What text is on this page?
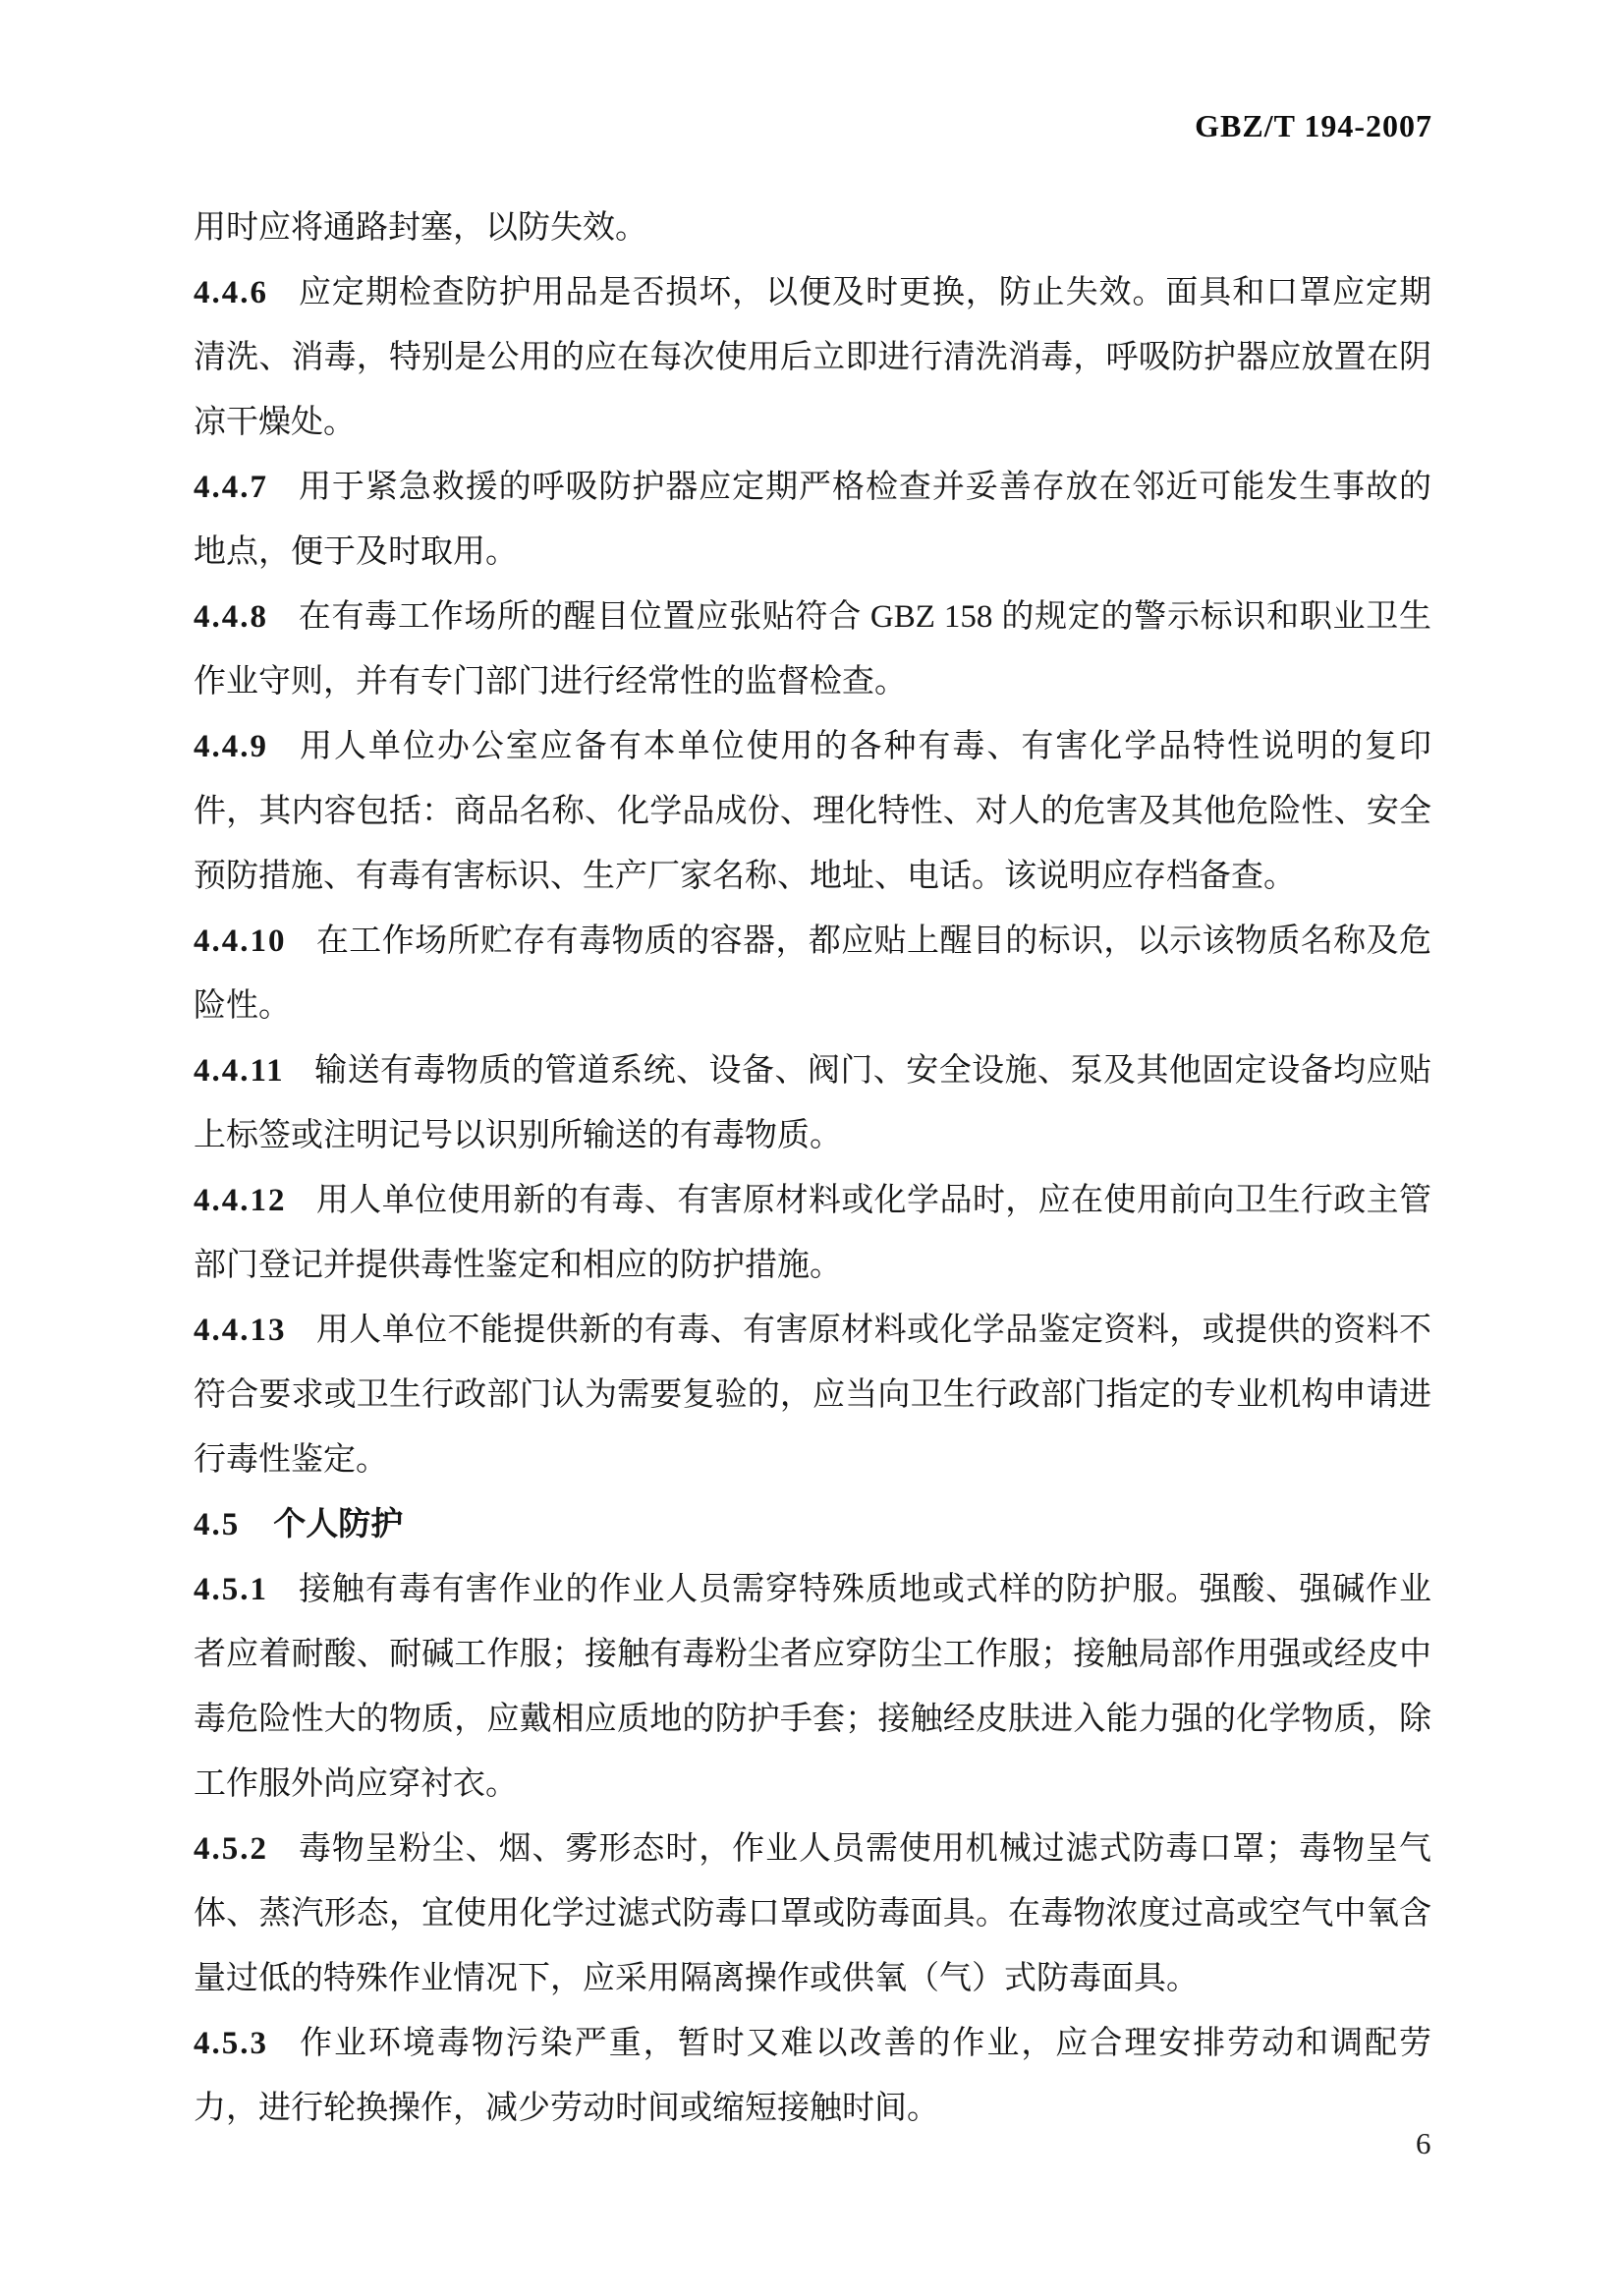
GBZ/T 194-2007

用时应将通路封塞，以防失效。

4.4.6 应定期检查防护用品是否损坏，以便及时更换，防止失效。面具和口罩应定期清洗、消毒，特别是公用的应在每次使用后立即进行清洗消毒，呼吸防护器应放置在阴凉干燥处。

4.4.7 用于紧急救援的呼吸防护器应定期严格检查并妥善存放在邻近可能发生事故的地点，便于及时取用。

4.4.8 在有毒工作场所的醒目位置应张贴符合 GBZ 158 的规定的警示标识和职业卫生作业守则，并有专门部门进行经常性的监督检查。

4.4.9 用人单位办公室应备有本单位使用的各种有毒、有害化学品特性说明的复印件，其内容包括：商品名称、化学品成份、理化特性、对人的危害及其他危险性、安全预防措施、有毒有害标识、生产厂家名称、地址、电话。该说明应存档备查。

4.4.10 在工作场所贮存有毒物质的容器，都应贴上醒目的标识，以示该物质名称及危险性。

4.4.11 输送有毒物质的管道系统、设备、阀门、安全设施、泵及其他固定设备均应贴上标签或注明记号以识别所输送的有毒物质。

4.4.12 用人单位使用新的有毒、有害原材料或化学品时，应在使用前向卫生行政主管部门登记并提供毒性鉴定和相应的防护措施。

4.4.13 用人单位不能提供新的有毒、有害原材料或化学品鉴定资料，或提供的资料不符合要求或卫生行政部门认为需要复验的，应当向卫生行政部门指定的专业机构申请进行毒性鉴定。

4.5 个人防护

4.5.1 接触有毒有害作业的作业人员需穿特殊质地或式样的防护服。强酸、强碱作业者应着耐酸、耐碱工作服；接触有毒粉尘者应穿防尘工作服；接触局部作用强或经皮中毒危险性大的物质，应戴相应质地的防护手套；接触经皮肤进入能力强的化学物质，除工作服外尚应穿衬衣。

4.5.2 毒物呈粉尘、烟、雾形态时，作业人员需使用机械过滤式防毒口罩；毒物呈气体、蒸汽形态，宜使用化学过滤式防毒口罩或防毒面具。在毒物浓度过高或空气中氧含量过低的特殊作业情况下，应采用隔离操作或供氧（气）式防毒面具。

4.5.3 作业环境毒物污染严重，暂时又难以改善的作业，应合理安排劳动和调配劳力，进行轮换操作，减少劳动时间或缩短接触时间。

6
